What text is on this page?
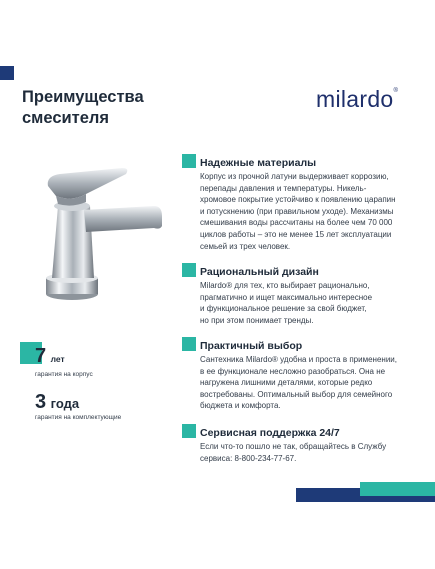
Преимущества
смесителя
milardo®
Надежные материалы
Корпус из прочной латуни выдерживает коррозию,
перепады давления и температуры. Никель-
хромовое покрытие устойчиво к появлению царапин
и потускнению (при правильном уходе). Механизмы
смешивания воды рассчитаны на более чем 70 000
циклов работы – это не менее 15 лет эксплуатации
семьей из трех человек.
Рациональный дизайн
Milardo® для тех, кто выбирает рационально,
прагматично и ищет максимально интересное
и функциональное решение за свой бюджет,
но при этом понимает тренды.
Практичный выбор
Сантехника Milardo® удобна и проста в применении,
в ее функционале несложно разобраться. Она не
нагружена лишними деталями, которые редко
востребованы. Оптимальный выбор для семейного
бюджета и комфорта.
Сервисная поддержка 24/7
Если что-то пошло не так, обращайтесь в Службу
сервиса: 8-800-234-77-67.
7 лет
гарантия на корпус
3 года
гарантия на комплектующие
